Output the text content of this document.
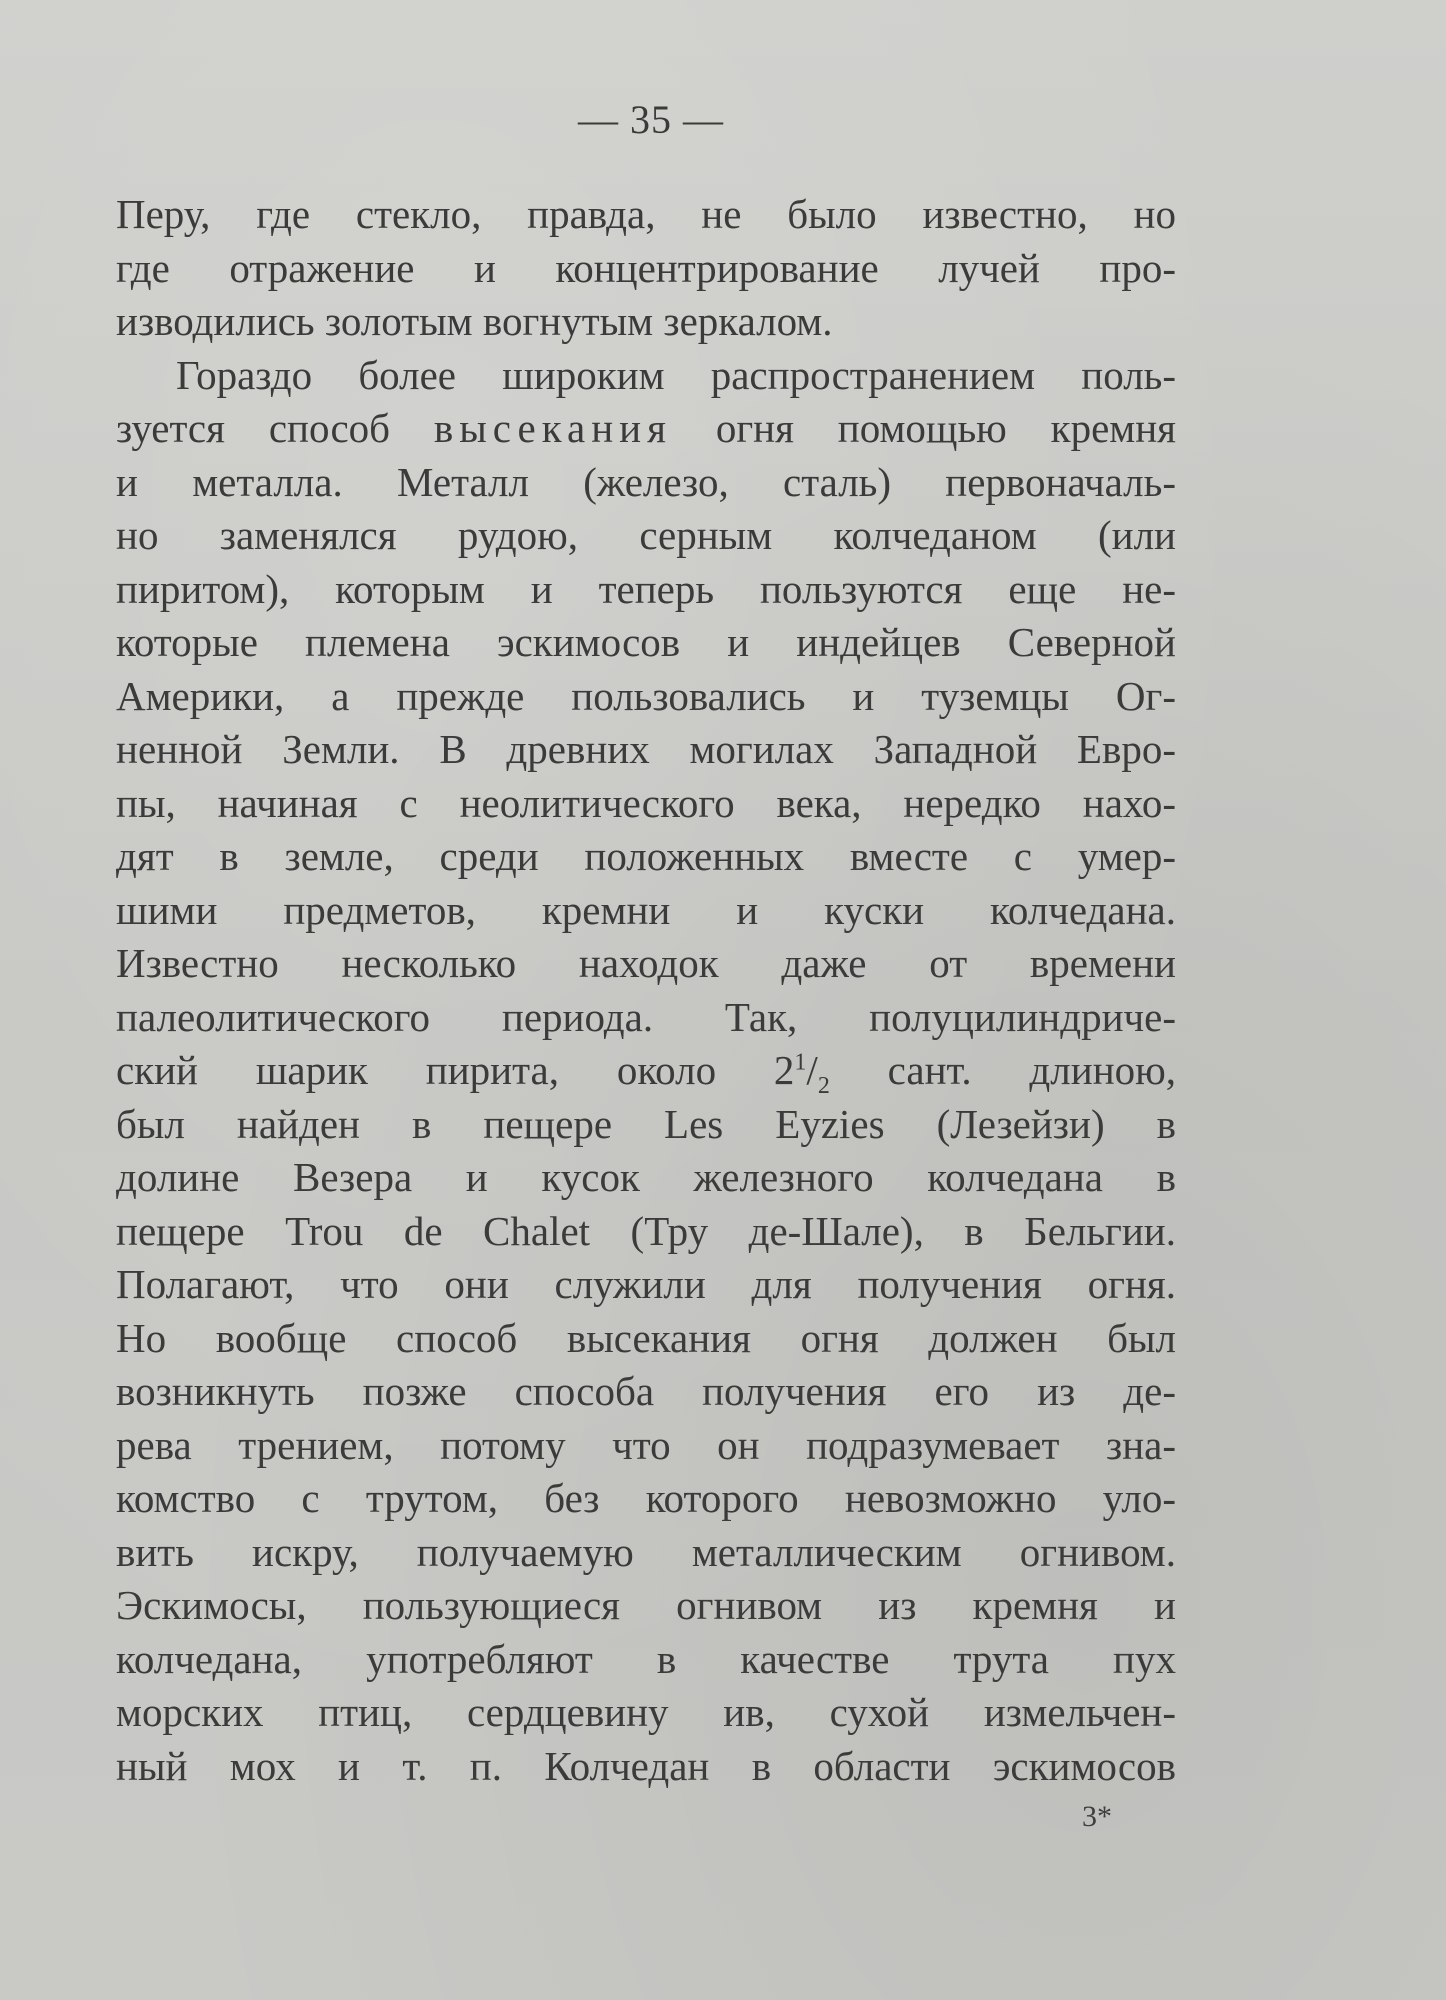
— 35 —
Перу, где стекло, правда, не было известно, но
где отражение и концентрирование лучей про-
изводились золотым вогнутым зеркалом.
Гораздо более широким распространением поль-
зуется способ высекания огня помощью кремня
и металла. Металл (железо, сталь) первоначаль-
но заменялся рудою, серным колчеданом (или
пиритом), которым и теперь пользуются еще не-
которые племена эскимосов и индейцев Северной
Америки, а прежде пользовались и туземцы Ог-
ненной Земли. В древних могилах Западной Евро-
пы, начиная с неолитического века, нередко нахо-
дят в земле, среди положенных вместе с умер-
шими предметов, кремни и куски колчедана.
Известно несколько находок даже от времени
палеолитического периода. Так, полуцилиндриче-
ский шарик пирита, около $2^1/_2$ сант. длиною,
был найден в пещере Les Eyzies (Лезейзи) в
долине Везера и кусок железного колчедана в
пещере Trou de Chalet (Тру де-Шале), в Бельгии.
Полагают, что они служили для получения огня.
Но вообще способ высекания огня должен был
возникнуть позже способа получения его из де-
рева трением, потому что он подразумевает зна-
комство с трутом, без которого невозможно уло-
вить искру, получаемую металлическим огнивом.
Эскимосы, пользующиеся огнивом из кремня и
колчедана, употребляют в качестве трута пух
морских птиц, сердцевину ив, сухой измельчен-
ный мох и т. п. Колчедан в области эскимосов
3*
